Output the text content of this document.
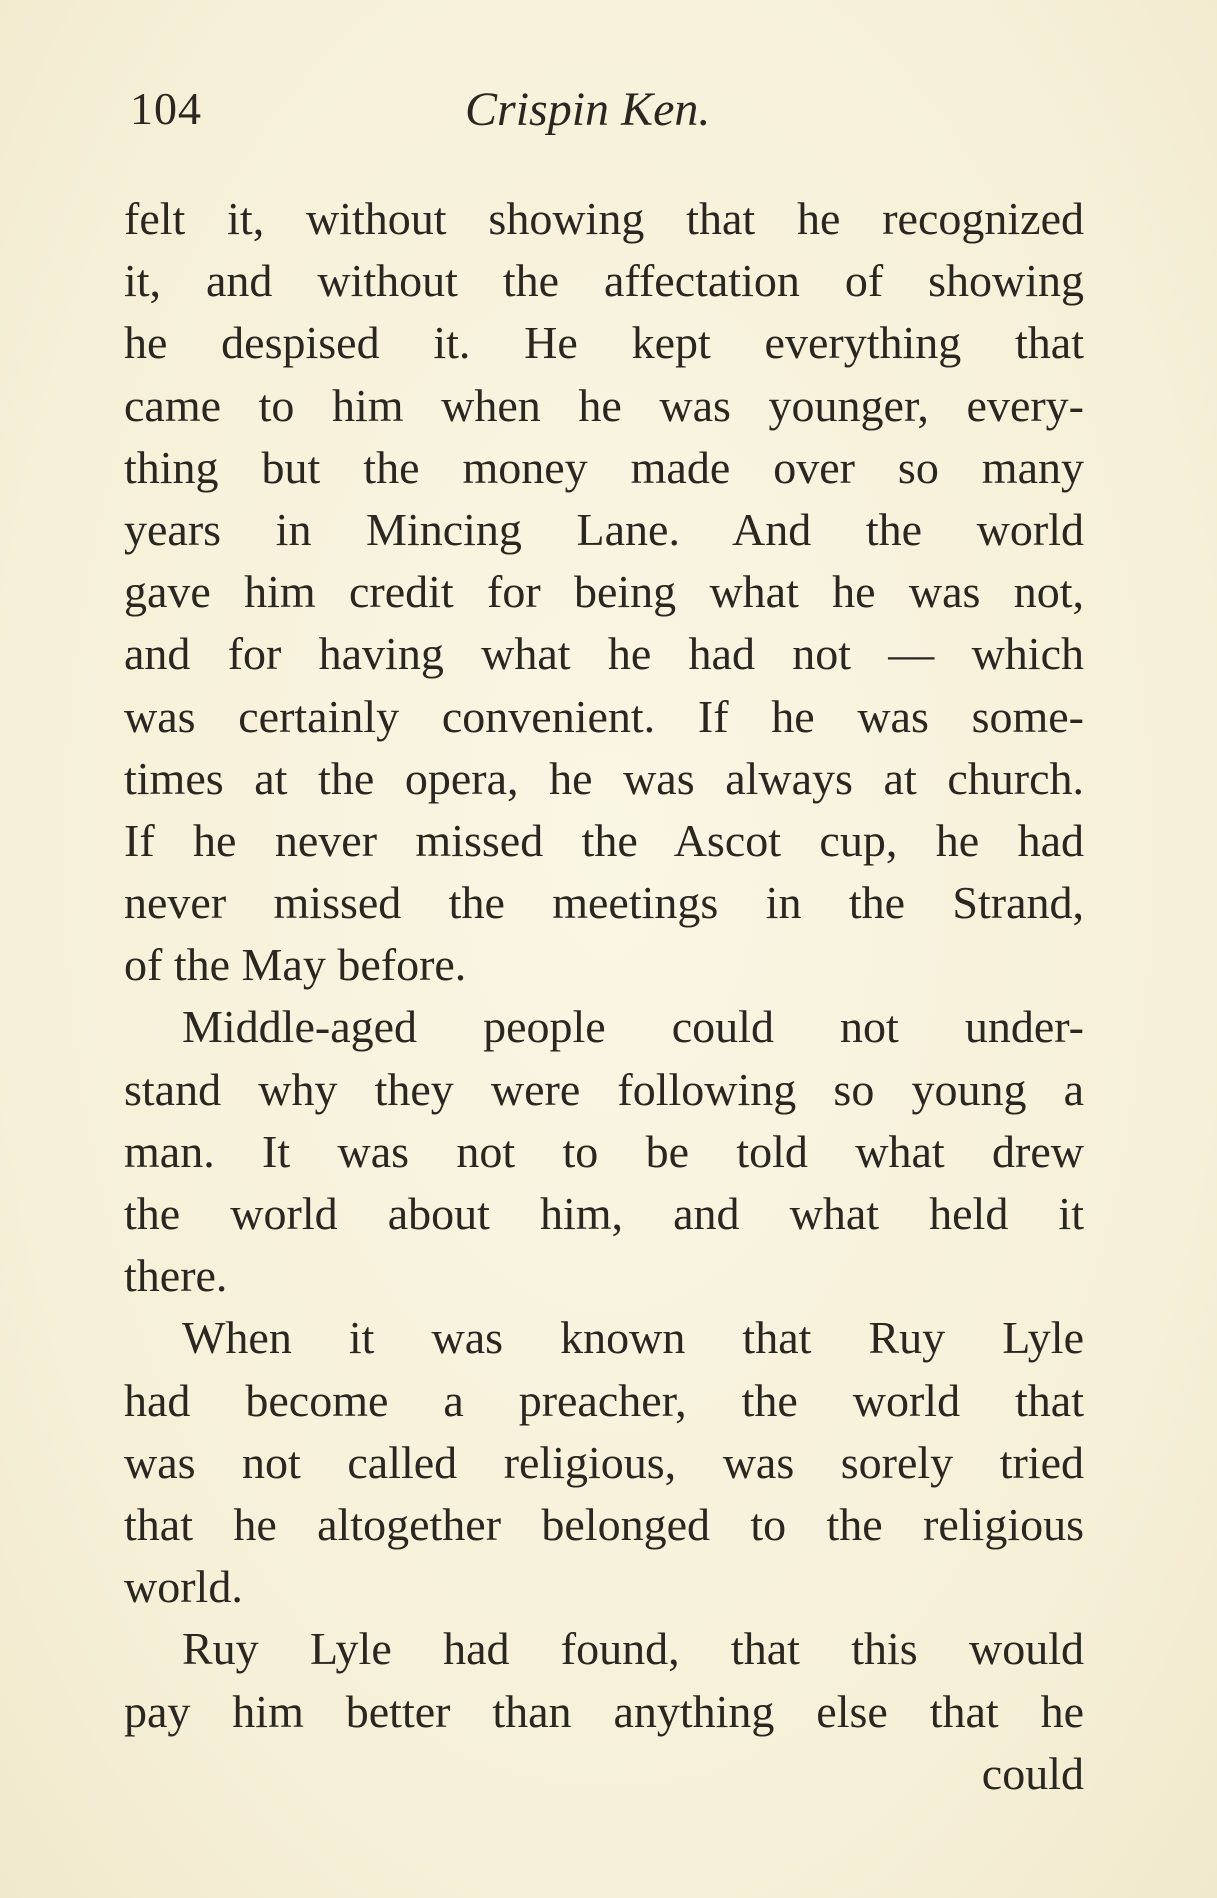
104	Crispin Ken.
felt it, without showing that he recognized
it, and without the affectation of showing
he despised it. He kept everything that
came to him when he was younger, every-
thing but the money made over so many
years in Mincing Lane. And the world
gave him credit for being what he was not,
and for having what he had not — which
was certainly convenient. If he was some-
times at the opera, he was always at church.
If he never missed the Ascot cup, he had
never missed the meetings in the Strand,
of the May before.
Middle-aged people could not under-
stand why they were following so young a
man. It was not to be told what drew
the world about him, and what held it
there.
When it was known that Ruy Lyle
had become a preacher, the world that
was not called religious, was sorely tried
that he altogether belonged to the religious
world.
Ruy Lyle had found, that this would
pay him better than anything else that he
could
